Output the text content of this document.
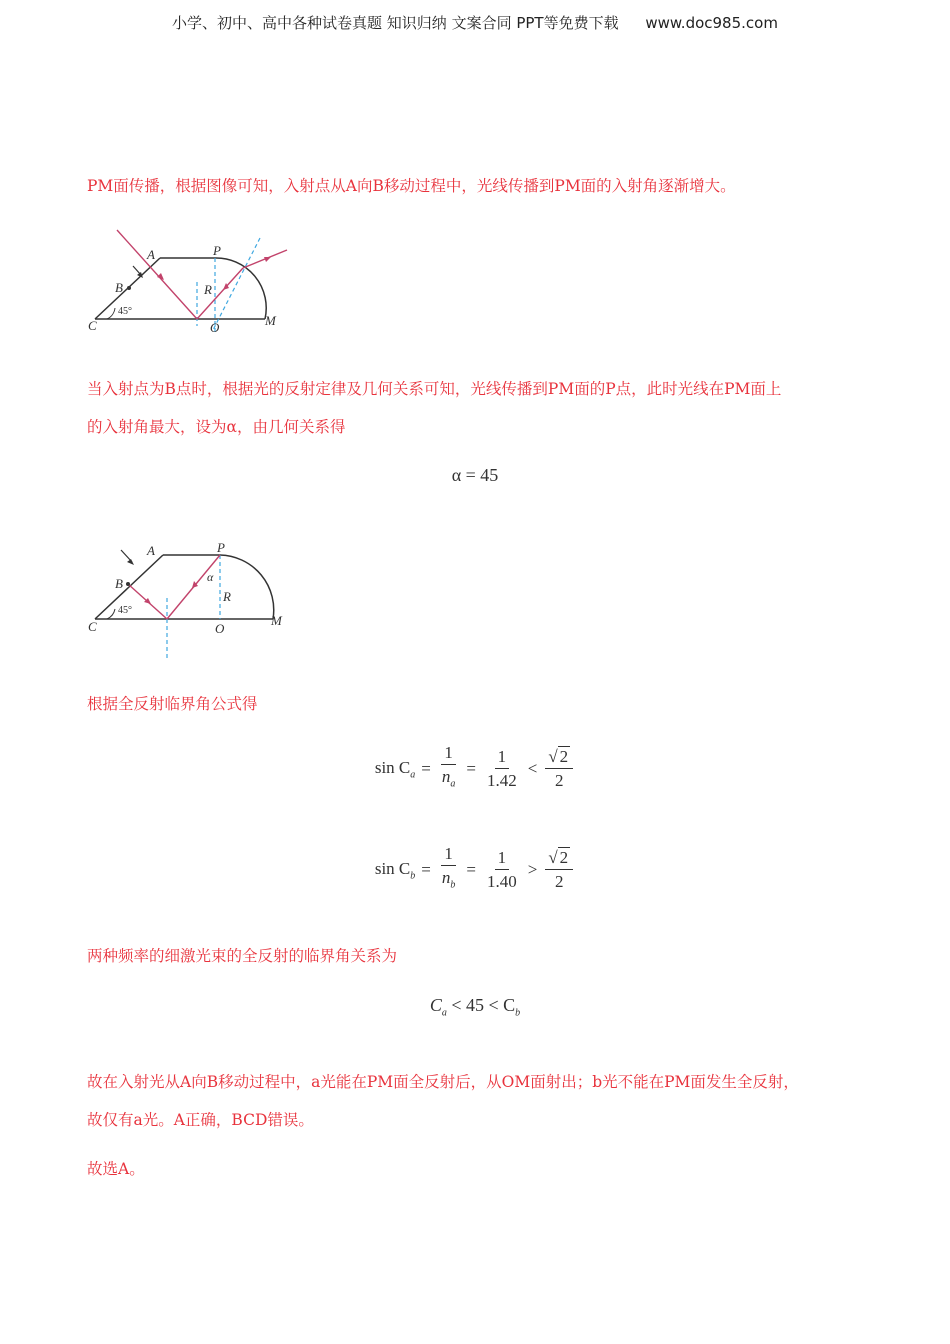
小学、初中、高中各种试卷真题 知识归纳 文案合同 PPT等免费下载 www.doc985.com
PM面传播，根据图像可知，入射点从A向B移动过程中，光线传播到PM面的入射角逐渐增大。
A	P
B	R
C	O	M
45°
当入射点为B点时，根据光的反射定律及几何关系可知，光线传播到PM面的P点，此时光线在PM面上
的入射角最大，设为α，由几何关系得
α = 45
A	P
B	α
R
C	O
M
45°
根据全反射临界角公式得
$\sin C_a = \frac{1}{n_a} = \frac{1}{1.42} < \frac{√ 2}{2}$
$\sin C_b = \frac{1}{n_b} = \frac{1}{1.40} > \frac{√ 2}{2}$
两种频率的细激光束的全反射的临界角关系为
$C_a < 45 < C_b$
故在入射光从A向B移动过程中，a光能在PM面全反射后，从OM面射出；b光不能在PM面发生全反射，
故仅有a光。A正确，BCD错误。
故选A。
